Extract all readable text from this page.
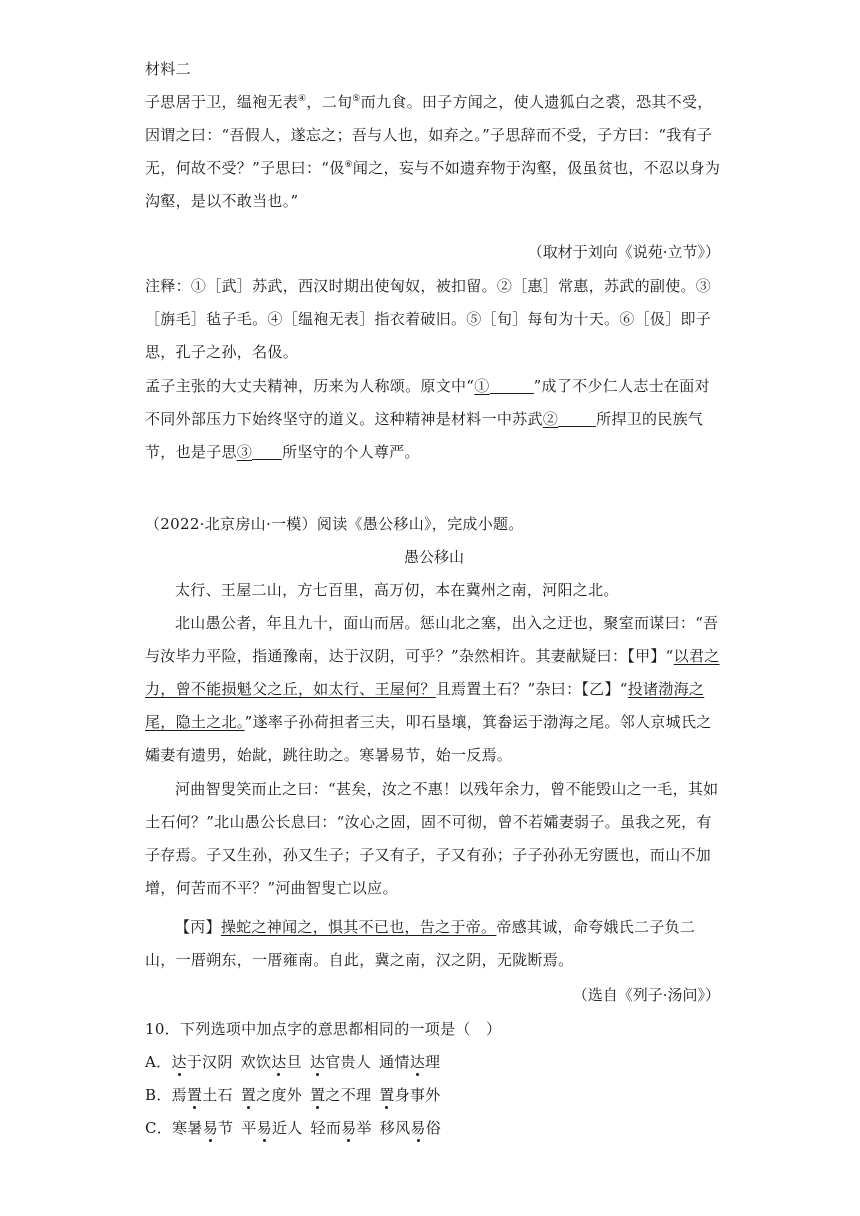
材料二

子思居于卫，缊袍无表④，二旬⑤而九食。田子方闻之，使人遗狐白之裘，恐其不受，因谓之曰：“吾假人，遂忘之；吾与人也，如弃之。”子思辞而不受，子方曰：“我有子无，何故不受？”子思曰：“伋⑥闻之，妄与不如遗弃物于沟壑，伋虽贫也，不忍以身为沟壑，是以不敢当也。”

（取材于刘向《说苑·立节》）

注释：①［武］苏武，西汉时期出使匈奴，被扣留。②［惠］常惠，苏武的副使。③［旃毛］毡子毛。④［缊袍无表］指衣着破旧。⑤［旬］每旬为十天。⑥［伋］即子思，孔子之孙，名伋。

孟子主张的大丈夫精神，历来为人称颂。原文中“①	”成了不少仁人志士在面对不同外部压力下始终坚守的道义。这种精神是材料一中苏武②	所捍卫的民族气节，也是子思③ 所坚守的个人尊严。

（2022·北京房山·一模）阅读《愚公移山》，完成小题。
愚公移山

太行、王屋二山，方七百里，高万仞，本在冀州之南，河阳之北。

北山愚公者，年且九十，面山而居。惩山北之塞，出入之迂也，聚室而谋曰：“吾与汝毕力平险，指通豫南，达于汉阴，可乎？”杂然相许。其妻献疑曰：【甲】“以君之力，曾不能损魁父之丘，如太行、王屋何？且焉置土石？”杂曰：【乙】“投诸渤海之尾，隐土之北。”遂率子孙荷担者三夫，叩石垦壤，箕畚运于渤海之尾。邻人京城氏之孀妻有遗男，始龀，跳往助之。寒暑易节，始一反焉。

河曲智叟笑而止之曰：“甚矣，汝之不惠！以残年余力，曾不能毁山之一毛，其如土石何？”北山愚公长息曰：“汝心之固，固不可彻，曾不若孀妻弱子。虽我之死，有子存焉。子又生孙，孙又生子；子又有子，子又有孙；子子孙孙无穷匮也，而山不加增，何苦而不平？”河曲智叟亡以应。

【丙】操蛇之神闻之，惧其不已也，告之于帝。帝感其诚，命夸娥氏二子负二山，一厝朔东，一厝雍南。自此，冀之南，汉之阴，无陇断焉。

（选自《列子·汤问》）
10．下列选项中加点字的意思都相同的一项是（　）
A．达于汉阴 欢饮达旦 达官贵人 通情达理
B．焉置土石 置之度外 置之不理 置身事外
C．寒暑易节 平易近人 轻而易举 移风易俗
